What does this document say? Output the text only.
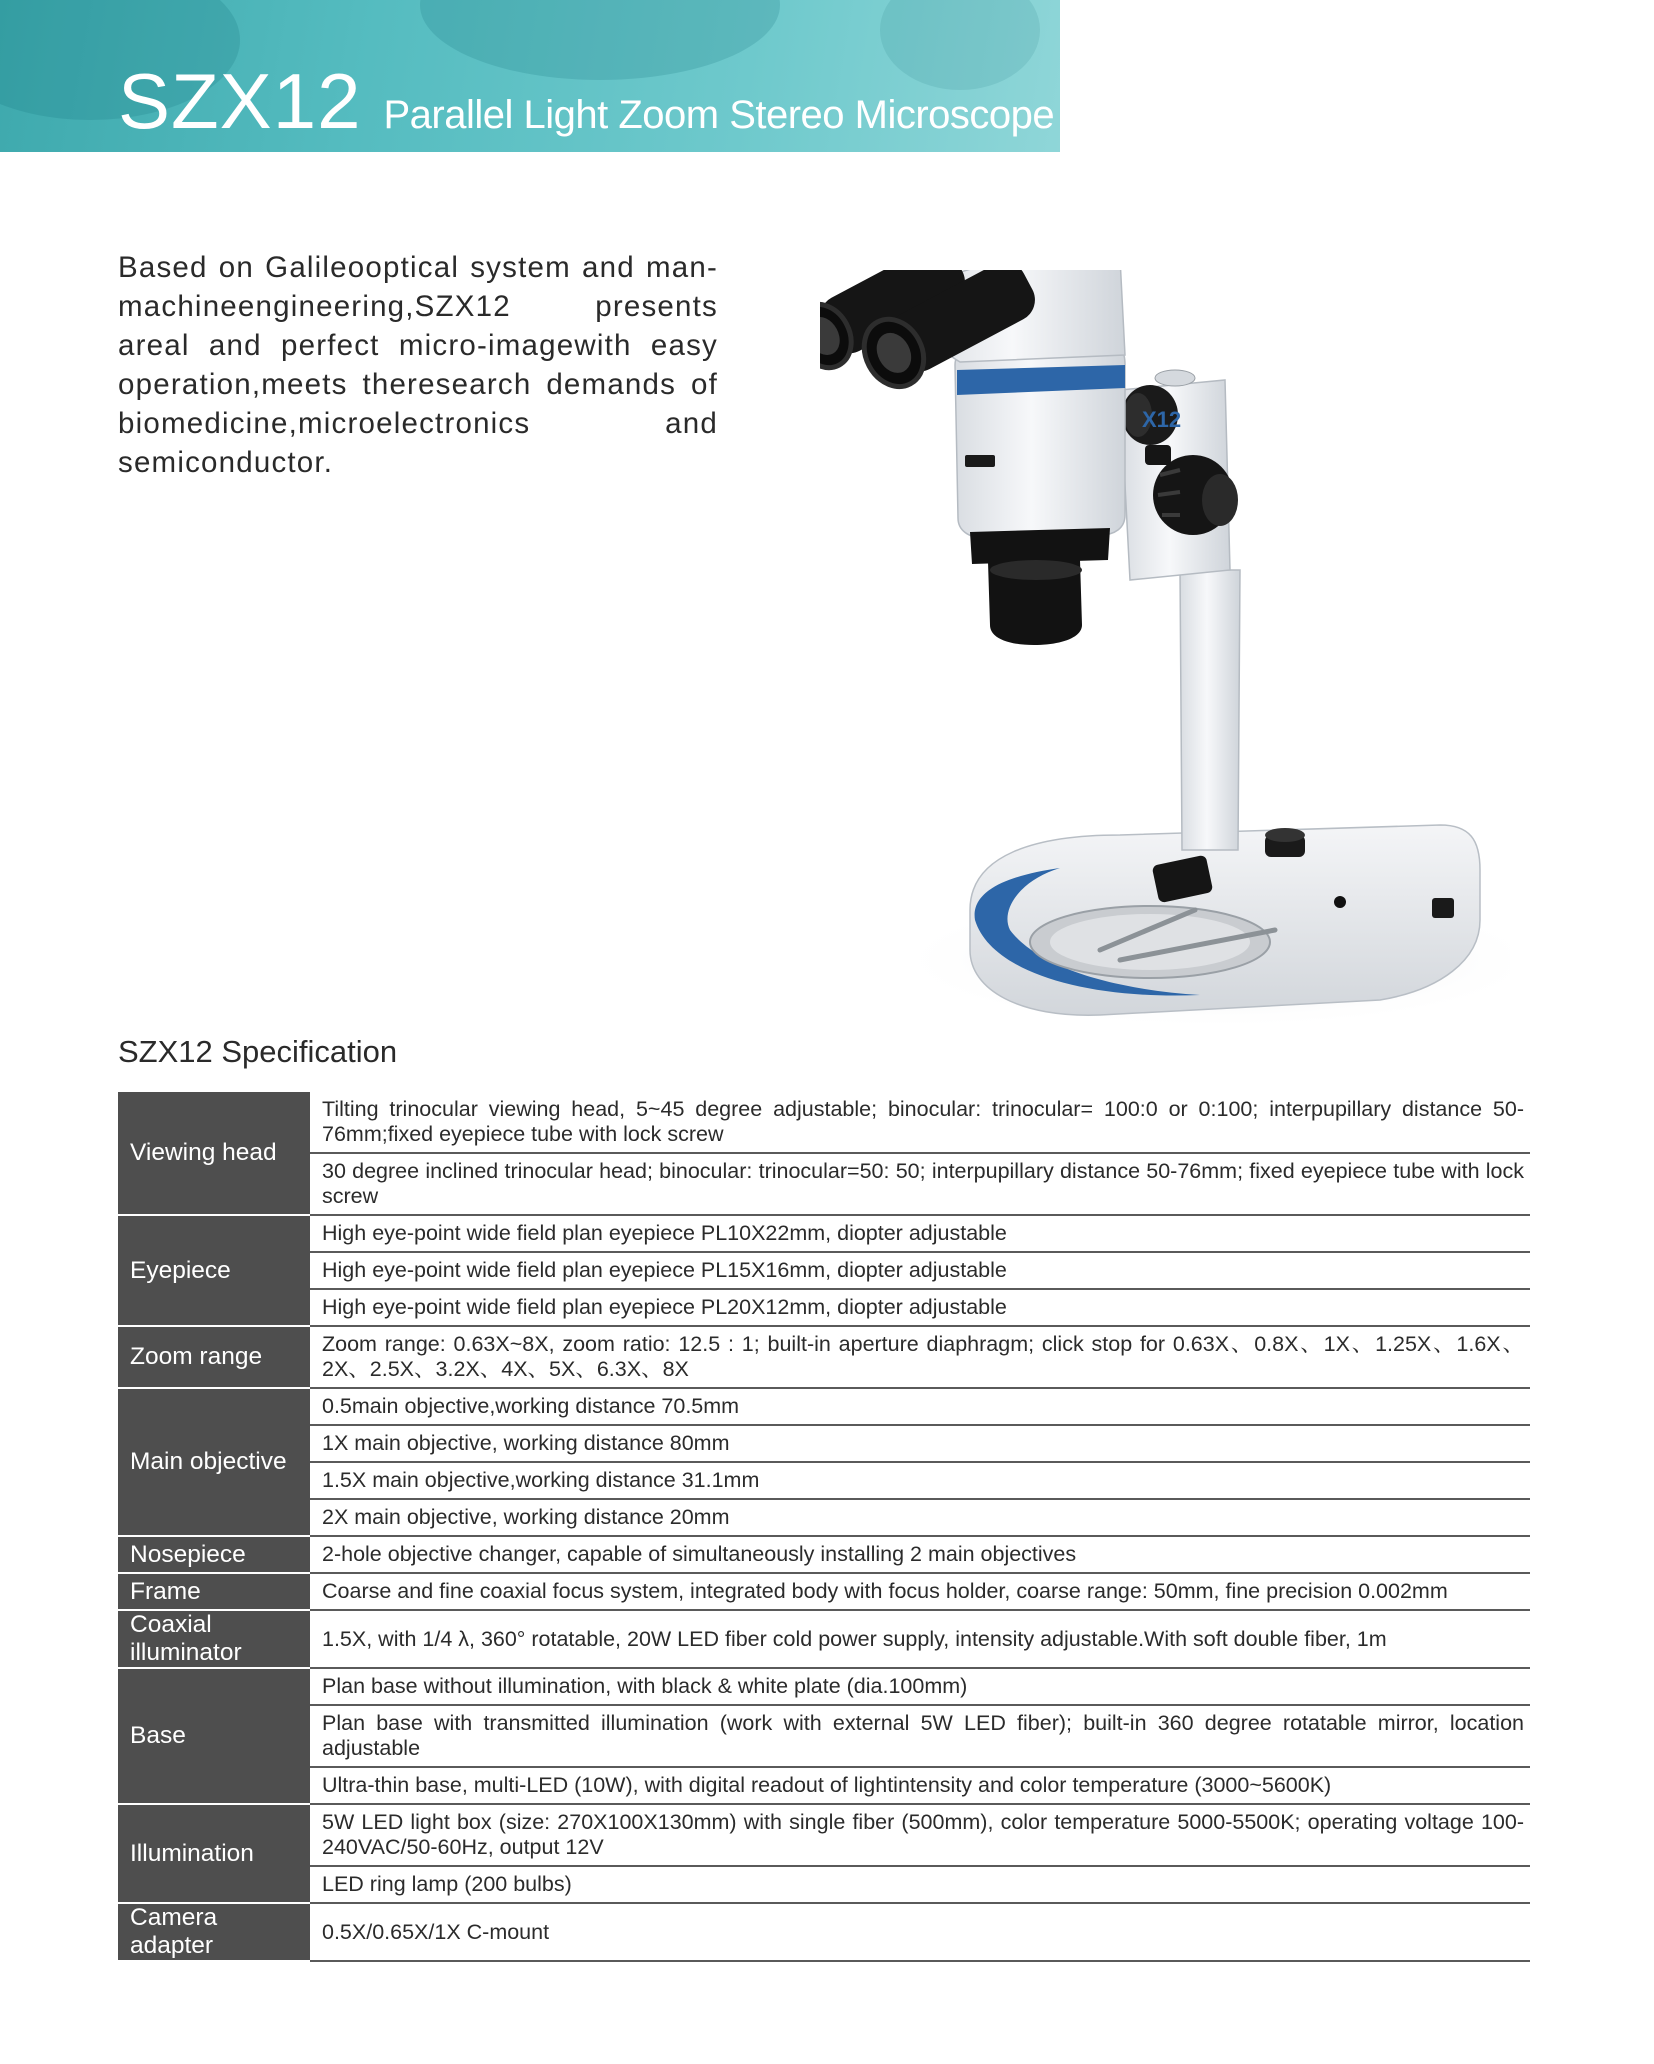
SZX12 Parallel Light Zoom Stereo Microscope
Based on Galileooptical system and man-machineengineering,SZX12 presents areal and perfect micro-imagewith easy operation,meets theresearch demands of biomedicine,microelectronics and semiconductor.
X12
SZX12 Specification
Viewing head	Tilting trinocular viewing head, 5~45 degree adjustable; binocular: trinocular= 100:0 or 0:100; interpupillary distance 50-76mm;fixed eyepiece tube with lock screw
	30 degree inclined trinocular head; binocular: trinocular=50: 50; interpupillary distance 50-76mm; fixed eyepiece tube with lock screw
Eyepiece	High eye-point wide field plan eyepiece PL10X22mm, diopter adjustable
	High eye-point wide field plan eyepiece PL15X16mm, diopter adjustable
	High eye-point wide field plan eyepiece PL20X12mm, diopter adjustable
Zoom range	Zoom range: 0.63X~8X, zoom ratio: 12.5 : 1; built-in aperture diaphragm; click stop for 0.63X、0.8X、1X、1.25X、1.6X、2X、2.5X、3.2X、4X、5X、6.3X、8X
Main objective	0.5main objective,working distance 70.5mm
	1X main objective, working distance 80mm
	1.5X main objective,working distance 31.1mm
	2X main objective, working distance 20mm
Nosepiece	2-hole objective changer, capable of simultaneously installing 2 main objectives
Frame	Coarse and fine coaxial focus system, integrated body with focus holder, coarse range: 50mm, fine precision 0.002mm
Coaxial illuminator	1.5X, with 1/4 λ, 360° rotatable, 20W LED fiber cold power supply, intensity adjustable.With soft double fiber, 1m
Base	Plan base without illumination, with black & white plate (dia.100mm)
	Plan base with transmitted illumination (work with external 5W LED fiber); built-in 360 degree rotatable mirror, location adjustable
	Ultra-thin base, multi-LED (10W), with digital readout of lightintensity and color temperature (3000~5600K)
Illumination	5W LED light box (size: 270X100X130mm) with single fiber (500mm), color temperature 5000-5500K; operating voltage 100-240VAC/50-60Hz, output 12V
	LED ring lamp (200 bulbs)
Camera adapter	0.5X/0.65X/1X C-mount
